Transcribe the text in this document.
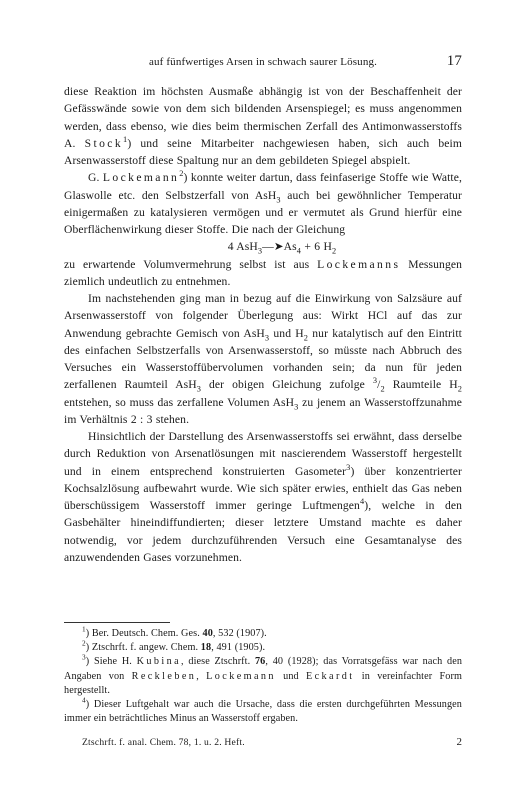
auf fünfwertiges Arsen in schwach saurer Lösung.	17

diese Reaktion im höchsten Ausmaße abhängig ist von der Beschaffenheit der Gefässwände sowie von dem sich bildenden Arsenspiegel; es muss angenommen werden, dass ebenso, wie dies beim thermischen Zerfall des Antimonwasserstoffs A. Stock$^1$) und seine Mitarbeiter nachgewiesen haben, sich auch beim Arsenwasserstoff diese Spaltung nur an dem gebildeten Spiegel abspielt.

G. Lockemann$^2$) konnte weiter dartun, dass feinfaserige Stoffe wie Watte, Glaswolle etc. den Selbstzerfall von AsH$_3$ auch bei gewöhnlicher Temperatur einigermaßen zu katalysieren vermögen und er vermutet als Grund hierfür eine Oberflächenwirkung dieser Stoffe. Die nach der Gleichung

4 $AsH_3—➤As_4 + 6$ $H_2$

zu erwartende Volumvermehrung selbst ist aus Lockemanns Messungen ziemlich undeutlich zu entnehmen.

Im nachstehenden ging man in bezug auf die Einwirkung von Salzsäure auf Arsenwasserstoff von folgender Überlegung aus: Wirkt HCl auf das zur Anwendung gebrachte Gemisch von AsH$_3$ und $H_2$ nur katalytisch auf den Eintritt des einfachen Selbstzerfalls von Arsenwasserstoff, so müsste nach Abbruch des Versuches ein Wasserstoffübervolumen vorhanden sein; da nun für jeden zerfallenen Raumteil AsH$_3$ der obigen Gleichung zufolge $^3/_2$ Raumteile $H_2$ entstehen, so muss das zerfallene Volumen AsH$_3$ zu jenem an Wasserstoffzunahme im Verhältnis 2 : 3 stehen.

Hinsichtlich der Darstellung des Arsenwasserstoffs sei erwähnt, dass derselbe durch Reduktion von Arsenatlösungen mit nascierendem Wasserstoff hergestellt und in einem entsprechend konstruierten Gasometer$^3$) über konzentrierter Kochsalzlösung aufbewahrt wurde. Wie sich später erwies, enthielt das Gas neben überschüssigem Wasserstoff immer geringe Luftmengen$^4$), welche in den Gasbehälter hineindiffundierten; dieser letztere Umstand machte es daher notwendig, vor jedem durchzuführenden Versuch eine Gesamtanalyse des anzuwendenden Gases vorzunehmen.

$^1$) Ber. Deutsch. Chem. Ges. 40, 532 (1907).

$^2$) Ztschrft. f. angew. Chem. 18, 491 (1905).

$^3$) Siehe H. Kubina, diese Ztschrft. 76, 40 (1928); das Vorratsgefäss war nach den Angaben von Reckleben, Lockemann und Eckardt in vereinfachter Form hergestellt.

$^4$) Dieser Luftgehalt war auch die Ursache, dass die ersten durchgeführten Messungen immer ein beträchtliches Minus an Wasserstoff ergaben.

Ztschrft. f. anal. Chem. 78, 1. u. 2. Heft.	2
